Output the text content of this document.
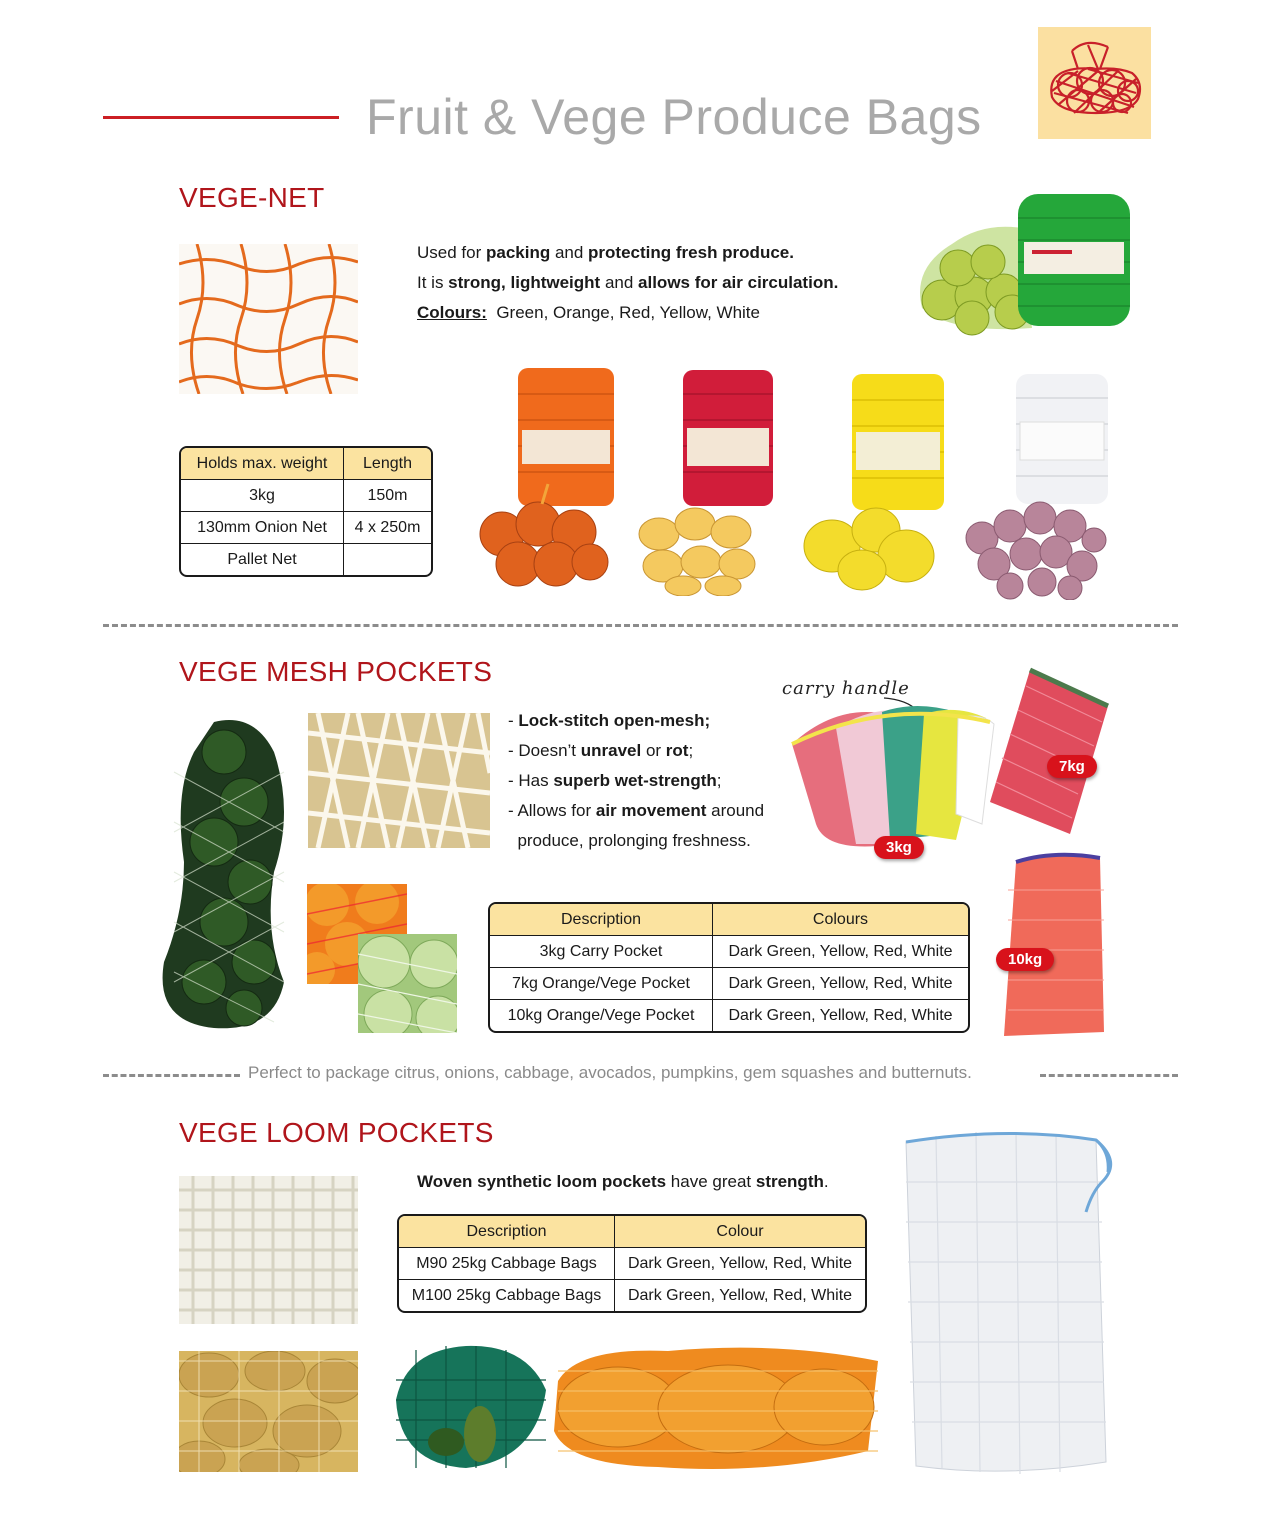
Fruit & Vege Produce Bags
VEGE-NET
Used for packing and protecting fresh produce.
It is strong, lightweight and allows for air circulation.
Colours:  Green, Orange, Red, Yellow, White
Holds max. weight	Length
3kg	150m
130mm Onion Net	4 x 250m
Pallet Net	
VEGE MESH POCKETS
- Lock-stitch open-mesh;
- Doesn’t unravel or rot;
- Has superb wet-strength;
- Allows for air movement around
produce, prolonging freshness.
carry handle
7kg
3kg
10kg
Description	Colours
3kg Carry Pocket	Dark Green, Yellow, Red, White
7kg Orange/Vege Pocket	Dark Green, Yellow, Red, White
10kg Orange/Vege Pocket	Dark Green, Yellow, Red, White
Perfect to package citrus, onions, cabbage, avocados, pumpkins, gem squashes and butternuts.
VEGE LOOM POCKETS
Woven synthetic loom pockets have great strength.
Description	Colour
M90 25kg Cabbage Bags	Dark Green, Yellow, Red, White
M100 25kg Cabbage Bags	Dark Green, Yellow, Red, White
